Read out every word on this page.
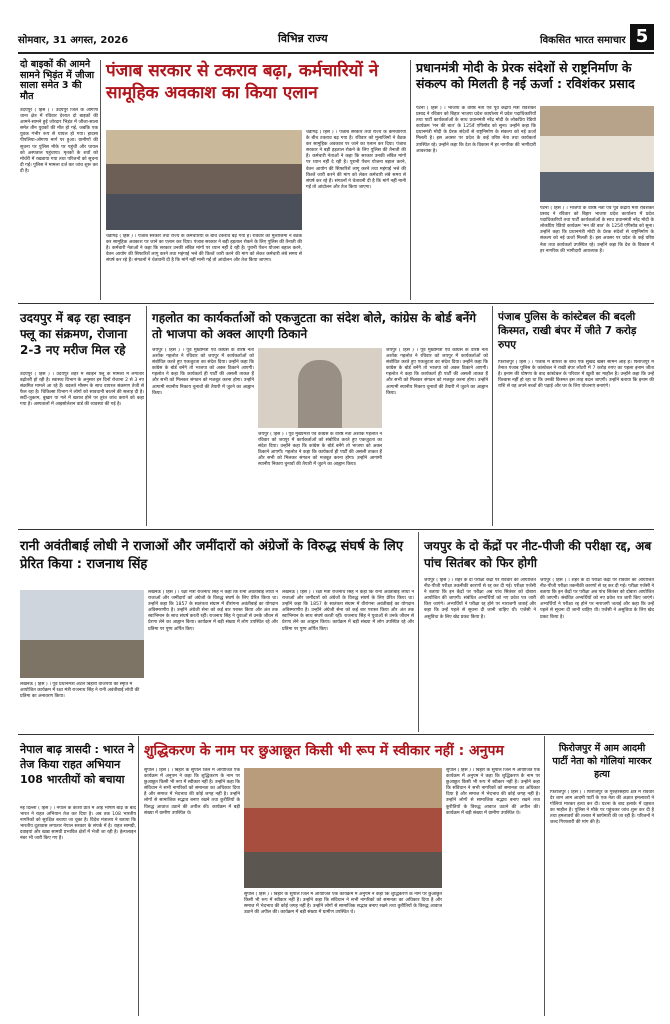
सोमवार, 31 अगस्त, 2026	विभिन्न राज्य	विकसित भारत समाचार 5
दो बाइकों की आमने सामने भिड़ंत में जीजा साला समेत 3 की मौत
उदयपुर ( हिंस ) । उदयपुर जिले के ओगणा थाना क्षेत्र में रविवार देररात दो बाइकों की आमने-सामने हुई जोरदार भिड़ंत में जीजा-साला समेत तीन युवकों की मौत हो गई, जबकि एक युवक गंभीर रूप से घायल हो गया। हादसा पीपलिया-ओगणा मार्ग पर हुआ। ग्रामीणों की सूचना पर पुलिस मौके पर पहुंची और घायल को अस्पताल पहुंचाया। मृतकों के शवों को मोर्चरी में रखवाया गया तथा परिजनों को सूचना दी गई। पुलिस ने मामला दर्ज कर जांच शुरू कर दी है।
पंजाब सरकार से टकराव बढ़ा, कर्मचारियों ने सामूहिक अवकाश का किया एलान
चंडीगढ़ ( हिंस ) । पंजाब सरकार तथा राज्य के कर्मचारियों के बीच टकराव बढ़ गया है। रविवार को मुलाजिमों ने बैठक कर सामूहिक अवकाश पर जाने का एलान कर दिया। पंजाब सरकार ने बड़ी हड़ताल रोकने के लिए पुलिस की तैनाती की है। कर्मचारी नेताओं ने कहा कि सरकार उनकी लंबित मांगों पर ध्यान नहीं दे रही है। पुरानी पेंशन योजना बहाल करने, वेतन आयोग की सिफारिशें लागू करने तथा महंगाई भत्ते की किश्तें जारी करने की मांग को लेकर कर्मचारी लंबे समय से संघर्ष कर रहे हैं। संगठनों ने चेतावनी दी है कि मांगें नहीं मानी गईं तो आंदोलन और तेज किया जाएगा।
चंडीगढ़ ( हिंस ) । पंजाब सरकार तथा राज्य के कर्मचारियों के बीच टकराव बढ़ गया है। रविवार को मुलाजिमों ने बैठक कर सामूहिक अवकाश पर जाने का एलान कर दिया। पंजाब सरकार ने बड़ी हड़ताल रोकने के लिए पुलिस की तैनाती की है। कर्मचारी नेताओं ने कहा कि सरकार उनकी लंबित मांगों पर ध्यान नहीं दे रही है। पुरानी पेंशन योजना बहाल करने, वेतन आयोग की सिफारिशें लागू करने तथा महंगाई भत्ते की किश्तें जारी करने की मांग को लेकर कर्मचारी लंबे समय से संघर्ष कर रहे हैं। संगठनों ने चेतावनी दी है कि मांगें नहीं मानी गईं तो आंदोलन और तेज किया जाएगा।
प्रधानमंत्री मोदी के प्रेरक संदेशों से राष्ट्रनिर्माण के संकल्प को मिलती है नई ऊर्जा : रविशंकर प्रसाद
पटना ( हिंस ) । भाजपा के वरिष्ठ नेता एवं पूर्व केंद्रीय मंत्री रविशंकर प्रसाद ने रविवार को बिहार भाजपा प्रदेश कार्यालय में प्रदेश पदाधिकारियों तथा पार्टी कार्यकर्ताओं के साथ प्रधानमंत्री नरेंद्र मोदी के लोकप्रिय रेडियो कार्यक्रम 'मन की बात' के 125वें एपिसोड को सुना। उन्होंने कहा कि प्रधानमंत्री मोदी के प्रेरक संदेशों से राष्ट्रनिर्माण के संकल्प को नई ऊर्जा मिलती है। इस अवसर पर प्रदेश के कई वरिष्ठ नेता तथा कार्यकर्ता उपस्थित रहे। उन्होंने कहा कि देश के विकास में हर नागरिक की भागीदारी आवश्यक है।
पटना ( हिंस ) । भाजपा के वरिष्ठ नेता एवं पूर्व केंद्रीय मंत्री रविशंकर प्रसाद ने रविवार को बिहार भाजपा प्रदेश कार्यालय में प्रदेश पदाधिकारियों तथा पार्टी कार्यकर्ताओं के साथ प्रधानमंत्री नरेंद्र मोदी के लोकप्रिय रेडियो कार्यक्रम 'मन की बात' के 125वें एपिसोड को सुना। उन्होंने कहा कि प्रधानमंत्री मोदी के प्रेरक संदेशों से राष्ट्रनिर्माण के संकल्प को नई ऊर्जा मिलती है। इस अवसर पर प्रदेश के कई वरिष्ठ नेता तथा कार्यकर्ता उपस्थित रहे। उन्होंने कहा कि देश के विकास में हर नागरिक की भागीदारी आवश्यक है।
उदयपुर में बढ़ रहा स्वाइन फ्लू का संक्रमण, रोजाना 2-3 नए मरीज मिल रहे
उदयपुर ( हिंस ) । उदयपुर शहर में स्वाइन फ्लू के मामलों में लगातार बढ़ोतरी हो रही है। स्वास्थ्य विभाग के अनुसार इन दिनों रोजाना 2 से 3 नए संक्रमित मामले आ रहे हैं। बदलते मौसम के साथ वायरल संक्रमण तेजी से फैल रहा है। चिकित्सा विभाग ने लोगों को सावधानी बरतने की सलाह दी है। सर्दी-जुकाम, बुखार या गले में खराश होने पर तुरंत जांच कराने को कहा गया है। अस्पतालों में आइसोलेशन वार्ड की व्यवस्था की गई है।
गहलोत का कार्यकर्ताओं को एकजुटता का संदेश बोले, कांग्रेस के बोर्ड बनेंगे तो भाजपा को अक्ल आएगी ठिकाने
जयपुर ( हिंस ) । पूर्व मुख्यमंत्री एवं कांग्रेस के वरिष्ठ नेता अशोक गहलोत ने रविवार को जयपुर में कार्यकर्ताओं को संबोधित करते हुए एकजुटता का संदेश दिया। उन्होंने कहा कि कांग्रेस के बोर्ड बनेंगे तो भाजपा को अक्ल ठिकाने आएगी। गहलोत ने कहा कि कार्यकर्ता ही पार्टी की असली ताकत हैं और सभी को मिलकर संगठन को मजबूत करना होगा। उन्होंने आगामी स्थानीय निकाय चुनावों की तैयारी में जुटने का आह्वान किया।
जयपुर ( हिंस ) । पूर्व मुख्यमंत्री एवं कांग्रेस के वरिष्ठ नेता अशोक गहलोत ने रविवार को जयपुर में कार्यकर्ताओं को संबोधित करते हुए एकजुटता का संदेश दिया। उन्होंने कहा कि कांग्रेस के बोर्ड बनेंगे तो भाजपा को अक्ल ठिकाने आएगी। गहलोत ने कहा कि कार्यकर्ता ही पार्टी की असली ताकत हैं और सभी को मिलकर संगठन को मजबूत करना होगा। उन्होंने आगामी स्थानीय निकाय चुनावों की तैयारी में जुटने का आह्वान किया।
जयपुर ( हिंस ) । पूर्व मुख्यमंत्री एवं कांग्रेस के वरिष्ठ नेता अशोक गहलोत ने रविवार को जयपुर में कार्यकर्ताओं को संबोधित करते हुए एकजुटता का संदेश दिया। उन्होंने कहा कि कांग्रेस के बोर्ड बनेंगे तो भाजपा को अक्ल ठिकाने आएगी। गहलोत ने कहा कि कार्यकर्ता ही पार्टी की असली ताकत हैं और सभी को मिलकर संगठन को मजबूत करना होगा। उन्होंने आगामी स्थानीय निकाय चुनावों की तैयारी में जुटने का आह्वान किया।
पंजाब पुलिस के कांस्टेबल की बदली किस्मत, राखी बंपर में जीते 7 करोड़ रुपए
फिरोजपुर ( हिंस ) । पंजाब में बारिश के बीच एक सुखद खबर सामने आई है। फिरोजपुर में तैनात पंजाब पुलिस के कांस्टेबल ने राखी बंपर लॉटरी में 7 करोड़ रुपए का पहला इनाम जीता है। इनाम की घोषणा के बाद कांस्टेबल के परिवार में खुशी का माहौल है। उन्होंने कहा कि उन्हें विश्वास नहीं हो रहा था कि उनकी किस्मत इस तरह बदल जाएगी। उन्होंने बताया कि इनाम की राशि से वह अपने बच्चों की पढ़ाई और घर के लिए योजनाएं बनाएंगे।
रानी अवंतीबाई लोधी ने राजाओं और जमींदारों को अंग्रेजों के विरुद्ध संघर्ष के लिए प्रेरित किया : राजनाथ सिंह
लखनऊ ( हिंस ) । पूर्व प्रधानमंत्री अटल बिहारी वाजपेयी की स्मृति में आयोजित कार्यक्रम में रक्षा मंत्री राजनाथ सिंह ने रानी अवंतीबाई लोधी की प्रतिमा का अनावरण किया।
लखनऊ ( हिंस ) । रक्षा मंत्री राजनाथ सिंह ने कहा कि रानी अवंतीबाई लोधी ने राजाओं और जमींदारों को अंग्रेजों के विरुद्ध संघर्ष के लिए प्रेरित किया था। उन्होंने कहा कि 1857 के स्वतंत्रता संग्राम में वीरांगना अवंतीबाई का योगदान अविस्मरणीय है। उन्होंने अंग्रेजी सेना को कई बार परास्त किया और अंत तक स्वाभिमान के साथ संघर्ष करती रहीं। राजनाथ सिंह ने युवाओं से उनके जीवन से प्रेरणा लेने का आह्वान किया। कार्यक्रम में बड़ी संख्या में लोग उपस्थित रहे और प्रतिमा पर पुष्प अर्पित किए।
लखनऊ ( हिंस ) । रक्षा मंत्री राजनाथ सिंह ने कहा कि रानी अवंतीबाई लोधी ने राजाओं और जमींदारों को अंग्रेजों के विरुद्ध संघर्ष के लिए प्रेरित किया था। उन्होंने कहा कि 1857 के स्वतंत्रता संग्राम में वीरांगना अवंतीबाई का योगदान अविस्मरणीय है। उन्होंने अंग्रेजी सेना को कई बार परास्त किया और अंत तक स्वाभिमान के साथ संघर्ष करती रहीं। राजनाथ सिंह ने युवाओं से उनके जीवन से प्रेरणा लेने का आह्वान किया। कार्यक्रम में बड़ी संख्या में लोग उपस्थित रहे और प्रतिमा पर पुष्प अर्पित किए।
जयपुर के दो केंद्रों पर नीट-पीजी की परीक्षा रद्द, अब पांच सितंबर को फिर होगी
जयपुर ( हिंस ) । शहर के दो परीक्षा केंद्रों पर रविवार को आयोजित नीट-पीजी परीक्षा तकनीकी कारणों से रद्द कर दी गई। परीक्षा एजेंसी ने बताया कि इन केंद्रों पर परीक्षा अब पांच सितंबर को दोबारा आयोजित की जाएगी। संबंधित अभ्यर्थियों को नए प्रवेश पत्र जारी किए जाएंगे। अभ्यर्थियों ने परीक्षा रद्द होने पर नाराजगी जताई और कहा कि उन्हें पहले से सूचना दी जानी चाहिए थी। एजेंसी ने असुविधा के लिए खेद प्रकट किया है।
जयपुर ( हिंस ) । शहर के दो परीक्षा केंद्रों पर रविवार को आयोजित नीट-पीजी परीक्षा तकनीकी कारणों से रद्द कर दी गई। परीक्षा एजेंसी ने बताया कि इन केंद्रों पर परीक्षा अब पांच सितंबर को दोबारा आयोजित की जाएगी। संबंधित अभ्यर्थियों को नए प्रवेश पत्र जारी किए जाएंगे। अभ्यर्थियों ने परीक्षा रद्द होने पर नाराजगी जताई और कहा कि उन्हें पहले से सूचना दी जानी चाहिए थी। एजेंसी ने असुविधा के लिए खेद प्रकट किया है।
नेपाल बाढ़ त्रासदी : भारत ने तेज किया राहत अभियान 108 भारतीयों को बचाया
नई दिल्ली ( हिंस ) । नेपाल के कोशी प्रांत में आई भीषण बाढ़ के बाद भारत ने राहत अभियान तेज कर दिया है। अब तक 108 भारतीय नागरिकों को सुरक्षित बचाया जा चुका है। विदेश मंत्रालय ने बताया कि भारतीय दूतावास लगातार नेपाल सरकार के संपर्क में है। राहत सामग्री, दवाइयां और खाद्य सामग्री प्रभावित क्षेत्रों में भेजी जा रही है। हेल्पलाइन नंबर भी जारी किए गए हैं।
शुद्धिकरण के नाम पर छुआछूत किसी भी रूप में स्वीकार नहीं : अनुपम
सुपौल ( हिंस ) । बिहार के सुपौल जिले में आयोजित एक कार्यक्रम में अनुपम ने कहा कि शुद्धिकरण के नाम पर छुआछूत किसी भी रूप में स्वीकार नहीं है। उन्होंने कहा कि संविधान ने सभी नागरिकों को समानता का अधिकार दिया है और समाज में भेदभाव की कोई जगह नहीं है। उन्होंने लोगों से सामाजिक सद्भाव बनाए रखने तथा कुरीतियों के विरुद्ध आवाज उठाने की अपील की। कार्यक्रम में बड़ी संख्या में ग्रामीण उपस्थित थे।
सुपौल ( हिंस ) । बिहार के सुपौल जिले में आयोजित एक कार्यक्रम में अनुपम ने कहा कि शुद्धिकरण के नाम पर छुआछूत किसी भी रूप में स्वीकार नहीं है। उन्होंने कहा कि संविधान ने सभी नागरिकों को समानता का अधिकार दिया है और समाज में भेदभाव की कोई जगह नहीं है। उन्होंने लोगों से सामाजिक सद्भाव बनाए रखने तथा कुरीतियों के विरुद्ध आवाज उठाने की अपील की। कार्यक्रम में बड़ी संख्या में ग्रामीण उपस्थित थे।
सुपौल ( हिंस ) । बिहार के सुपौल जिले में आयोजित एक कार्यक्रम में अनुपम ने कहा कि शुद्धिकरण के नाम पर छुआछूत किसी भी रूप में स्वीकार नहीं है। उन्होंने कहा कि संविधान ने सभी नागरिकों को समानता का अधिकार दिया है और समाज में भेदभाव की कोई जगह नहीं है। उन्होंने लोगों से सामाजिक सद्भाव बनाए रखने तथा कुरीतियों के विरुद्ध आवाज उठाने की अपील की। कार्यक्रम में बड़ी संख्या में ग्रामीण उपस्थित थे।
फिरोजपुर में आम आदमी पार्टी नेता को गोलियां मारकर हत्या
फिरोजपुर ( हिंस ) । फिरोजपुर के गुरुहरसहाय क्षेत्र में रविवार देर शाम आम आदमी पार्टी के एक नेता की अज्ञात हमलावरों ने गोलियां मारकर हत्या कर दी। घटना के बाद इलाके में दहशत का माहौल है। पुलिस ने मौके पर पहुंचकर जांच शुरू कर दी है तथा हमलावरों की तलाश में छापेमारी की जा रही है। परिजनों ने जल्द गिरफ्तारी की मांग की है।
